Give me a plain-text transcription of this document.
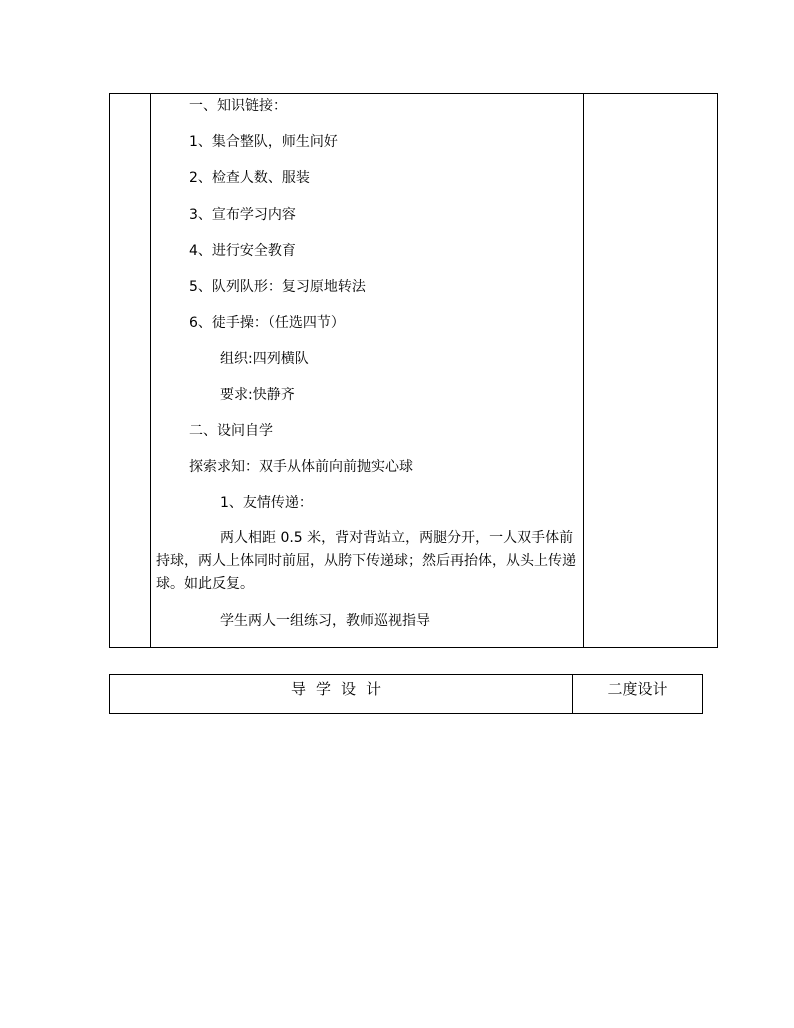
一、知识链接：
1、集合整队，师生问好
2、检查人数、服装
3、宣布学习内容
4、进行安全教育
5、队列队形：复习原地转法
6、徒手操：（任选四节）
组织:四列横队
要求:快静齐
二、设问自学
探索求知：双手从体前向前抛实心球
1、友情传递：
两人相距 0.5 米，背对背站立，两腿分开，一人双手体前持球，两人上体同时前屈，从胯下传递球；然后再抬体，从头上传递球。如此反复。
学生两人一组练习，教师巡视指导
导学设计	二度设计
